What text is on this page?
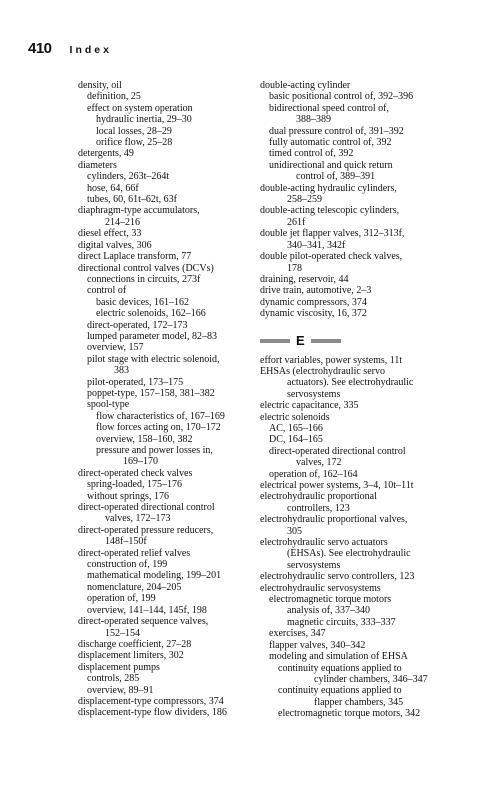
410 Index

density, oil

definition, 25

effect on system operation

hydraulic inertia, 29–30

local losses, 28–29

orifice flow, 25–28

detergents, 49

diameters

cylinders, 263t–264t

hose, 64, 66f

tubes, 60, 61t–62t, 63f

diaphragm-type accumulators,

214–216

diesel effect, 33

digital valves, 306

direct Laplace transform, 77

directional control valves (DCVs)

connections in circuits, 273f

control of

basic devices, 161–162

electric solenoids, 162–166

direct-operated, 172–173

lumped parameter model, 82–83

overview, 157

pilot stage with electric solenoid,

383

pilot-operated, 173–175

poppet-type, 157–158, 381–382

spool-type

flow characteristics of, 167–169

flow forces acting on, 170–172

overview, 158–160, 382

pressure and power losses in,

169–170

direct-operated check valves

spring-loaded, 175–176

without springs, 176

direct-operated directional control

valves, 172–173

direct-operated pressure reducers,

148f–150f

direct-operated relief valves

construction of, 199

mathematical modeling, 199–201

nomenclature, 204–205

operation of, 199

overview, 141–144, 145f, 198

direct-operated sequence valves,

152–154

discharge coefficient, 27–28

displacement limiters, 302

displacement pumps

controls, 285

overview, 89–91

displacement-type compressors, 374

displacement-type flow dividers, 186

double-acting cylinder

basic positional control of, 392–396

bidirectional speed control of,

388–389

dual pressure control of, 391–392

fully automatic control of, 392

timed control of, 392

unidirectional and quick return

control of, 389–391

double-acting hydraulic cylinders,

258–259

double-acting telescopic cylinders,

261f

double jet flapper valves, 312–313f,

340–341, 342f

double pilot-operated check valves,

178

draining, reservoir, 44

drive train, automotive, 2–3

dynamic compressors, 374

dynamic viscosity, 16, 372

E

effort variables, power systems, 11t

EHSAs (electrohydraulic servo

actuators). See electrohydraulic

servosystems

electric capacitance, 335

electric solenoids

AC, 165–166

DC, 164–165

direct-operated directional control

valves, 172

operation of, 162–164

electrical power systems, 3–4, 10t–11t

electrohydraulic proportional

controllers, 123

electrohydraulic proportional valves,

305

electrohydraulic servo actuators

(EHSAs). See electrohydraulic

servosystems

electrohydraulic servo controllers, 123

electrohydraulic servosystems

electromagnetic torque motors

analysis of, 337–340

magnetic circuits, 333–337

exercises, 347

flapper valves, 340–342

modeling and simulation of EHSA

continuity equations applied to

cylinder chambers, 346–347

continuity equations applied to

flapper chambers, 345

electromagnetic torque motors, 342
